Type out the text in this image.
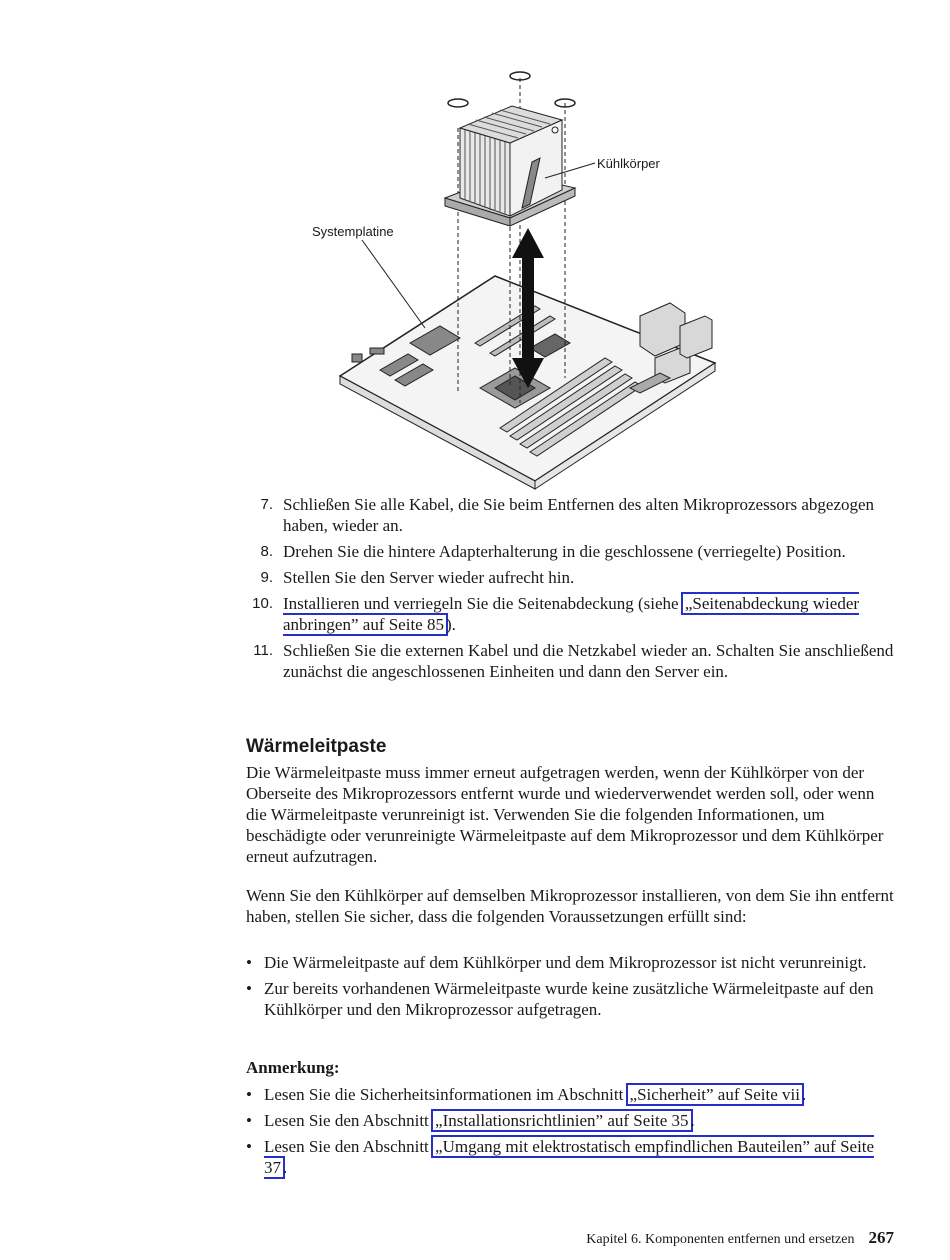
Kühlkörper
Systemplatine
7. Schließen Sie alle Kabel, die Sie beim Entfernen des alten Mikroprozessors abgezogen haben, wieder an.
8. Drehen Sie die hintere Adapterhalterung in die geschlossene (verriegelte) Position.
9. Stellen Sie den Server wieder aufrecht hin.
10. Installieren und verriegeln Sie die Seitenabdeckung (siehe „Seitenabdeckung wieder anbringen” auf Seite 85 ).
11. Schließen Sie die externen Kabel und die Netzkabel wieder an. Schalten Sie anschließend zunächst die angeschlossenen Einheiten und dann den Server ein.
Wärmeleitpaste

Die Wärmeleitpaste muss immer erneut aufgetragen werden, wenn der Kühlkörper von der Oberseite des Mikroprozessors entfernt wurde und wiederverwendet werden soll, oder wenn die Wärmeleitpaste verunreinigt ist. Verwenden Sie die folgenden Informationen, um beschädigte oder verunreinigte Wärmeleitpaste auf dem Mikroprozessor und dem Kühlkörper erneut aufzutragen.

Wenn Sie den Kühlkörper auf demselben Mikroprozessor installieren, von dem Sie ihn entfernt haben, stellen Sie sicher, dass die folgenden Voraussetzungen erfüllt sind:

• Die Wärmeleitpaste auf dem Kühlkörper und dem Mikroprozessor ist nicht verunreinigt.
• Zur bereits vorhandenen Wärmeleitpaste wurde keine zusätzliche Wärmeleitpaste auf den Kühlkörper und den Mikroprozessor aufgetragen.

Anmerkung:

• Lesen Sie die Sicherheitsinformationen im Abschnitt „Sicherheit” auf Seite vii .
• Lesen Sie den Abschnitt „Installationsrichtlinien” auf Seite 35 .
• Lesen Sie den Abschnitt „Umgang mit elektrostatisch empfindlichen Bauteilen” auf Seite 37 .
Kapitel 6. Komponenten entfernen und ersetzen 267
